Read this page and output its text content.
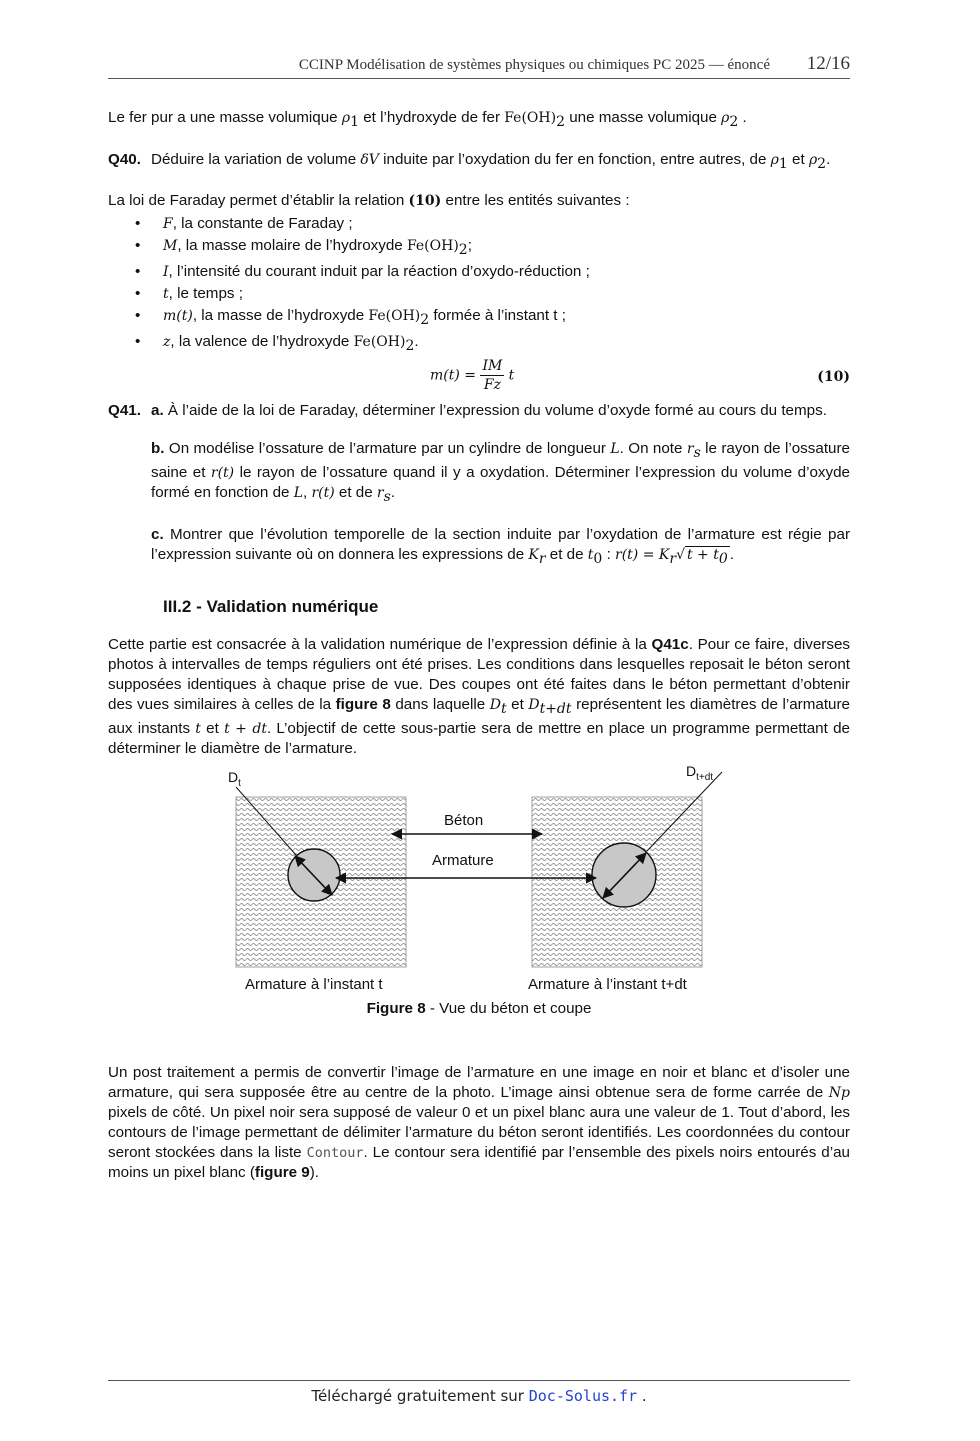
CCINP Modélisation de systèmes physiques ou chimiques PC 2025 — énoncé 12/16

Le fer pur a une masse volumique $\rho_1$ et l’hydroxyde de fer $Fe(OH)_2$ une masse volumique $\rho_2$ .

Q40. Déduire la variation de volume δV induite par l’oxydation du fer en fonction, entre autres, de $\rho_1$ et $\rho_2$.

La loi de Faraday permet d’établir la relation (10) entre les entités suivantes :

• F, la constante de Faraday ;
• M, la masse molaire de l’hydroxyde $Fe(OH)_2$;
• I, l’intensité du courant induit par la réaction d’oxydo-réduction ;
• t, le temps ;
• m(t), la masse de l’hydroxyde $Fe(OH)_2$ formée à l’instant t ;
• z, la valence de l’hydroxyde $Fe(OH)_2$.
$m(t) = \frac{IM}{Fz}$ t	(10)
Q41. a. À l’aide de la loi de Faraday, déterminer l’expression du volume d’oxyde formé au cours du temps.

b. On modélise l’ossature de l’armature par un cylindre de longueur L. On note $r_s$ le rayon de l’ossature saine et r(t) le rayon de l’ossature quand il y a oxydation. Déterminer l’expression du volume d’oxyde formé en fonction de L, r(t) et de $r_s$.

c. Montrer que l’évolution temporelle de la section induite par l’oxydation de l’armature est régie par l’expression suivante où on donnera les expressions de $K_r$ et de $t_0$ : $r(t) = K_r√$ $t + t_0$ .

III.2 - Validation numérique

Cette partie est consacrée à la validation numérique de l’expression définie à la Q41c. Pour ce faire, diverses photos à intervalles de temps réguliers ont été prises. Les conditions dans lesquelles reposait le béton seront supposées identiques à chaque prise de vue. Des coupes ont été faites dans le béton permettant d’obtenir des vues similaires à celles de la figure 8 dans laquelle $D_t$ et $D_{t+dt}$ représentent les diamètres de l’armature aux instants t et t + dt. L’objectif de cette sous-partie sera de mettre en place un programme permettant de déterminer le diamètre de l’armature.

$D_t$
$D_{t+dt}$
Béton
Armature
Armature à l’instant t	Armature à l’instant t+dt

Figure 8 - Vue du béton et coupe

Un post traitement a permis de convertir l’image de l’armature en une image en noir et blanc et d’isoler une armature, qui sera supposée être au centre de la photo. L’image ainsi obtenue sera de forme carrée de Np pixels de côté. Un pixel noir sera supposé de valeur 0 et un pixel blanc aura une valeur de 1. Tout d’abord, les contours de l’image permettant de délimiter l’armature du béton seront identifiés. Les coordonnées du contour seront stockées dans la liste Contour. Le contour sera identifié par l’ensemble des pixels noirs entourés d’au moins un pixel blanc (figure 9).

Téléchargé gratuitement sur Doc-Solus.fr .
